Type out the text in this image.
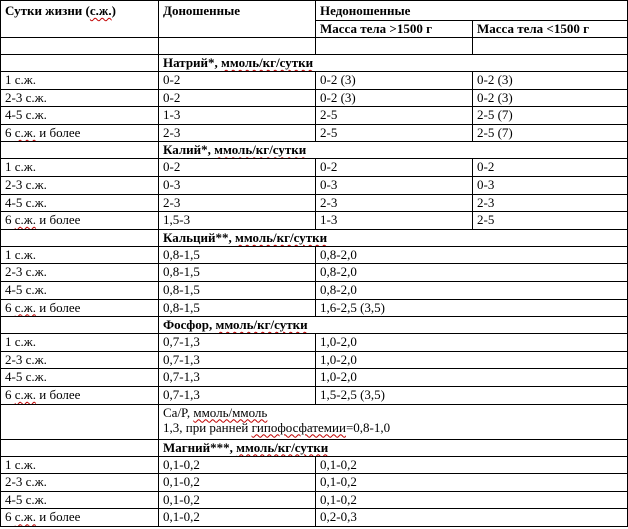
Сутки жизни (с.ж.)	Доношенные	Недоношенные	
		Масса тела >1500 г	Масса тела <1500 г

	Натрий*, ммоль/кг/сутки		
1 с.ж.	0-2	0-2 (3)	0-2 (3)
2-3 с.ж.	0-2	0-2 (3)	0-2 (3)
4-5 с.ж.	1-3	2-5	2-5 (7)
6 с.ж. и более	2-3	2-5	2-5 (7)
	Калий*, ммоль/кг/сутки		
1 с.ж.	0-2	0-2	0-2
2-3 с.ж.	0-3	0-3	0-3
4-5 с.ж.	2-3	2-3	2-3
6 с.ж. и более	1,5-3	1-3	2-5
	Кальций**, ммоль/кг/сутки		
1 с.ж.	0,8-1,5	0,8-2,0	
2-3 с.ж.	0,8-1,5	0,8-2,0	
4-5 с.ж.	0,8-1,5	0,8-2,0	
6 с.ж. и более	0,8-1,5	1,6-2,5 (3,5)	
	Фосфор, ммоль/кг/сутки		
1 с.ж.	0,7-1,3	1,0-2,0	
2-3 с.ж.	0,7-1,3	1,0-2,0	
4-5 с.ж.	0,7-1,3	1,0-2,0	
6 с.ж. и более	0,7-1,3	1,5-2,5 (3,5)	

	Ca/P, ммоль/ммоль
1,3, при ранней гипофосфатемии=0,8-1,0		

	Магний***, ммоль/кг/сутки		
1 с.ж.	0,1-0,2	0,1-0,2	
2-3 с.ж.	0,1-0,2	0,1-0,2	
4-5 с.ж.	0,1-0,2	0,1-0,2	
6 с.ж. и более	0,1-0,2	0,2-0,3	
